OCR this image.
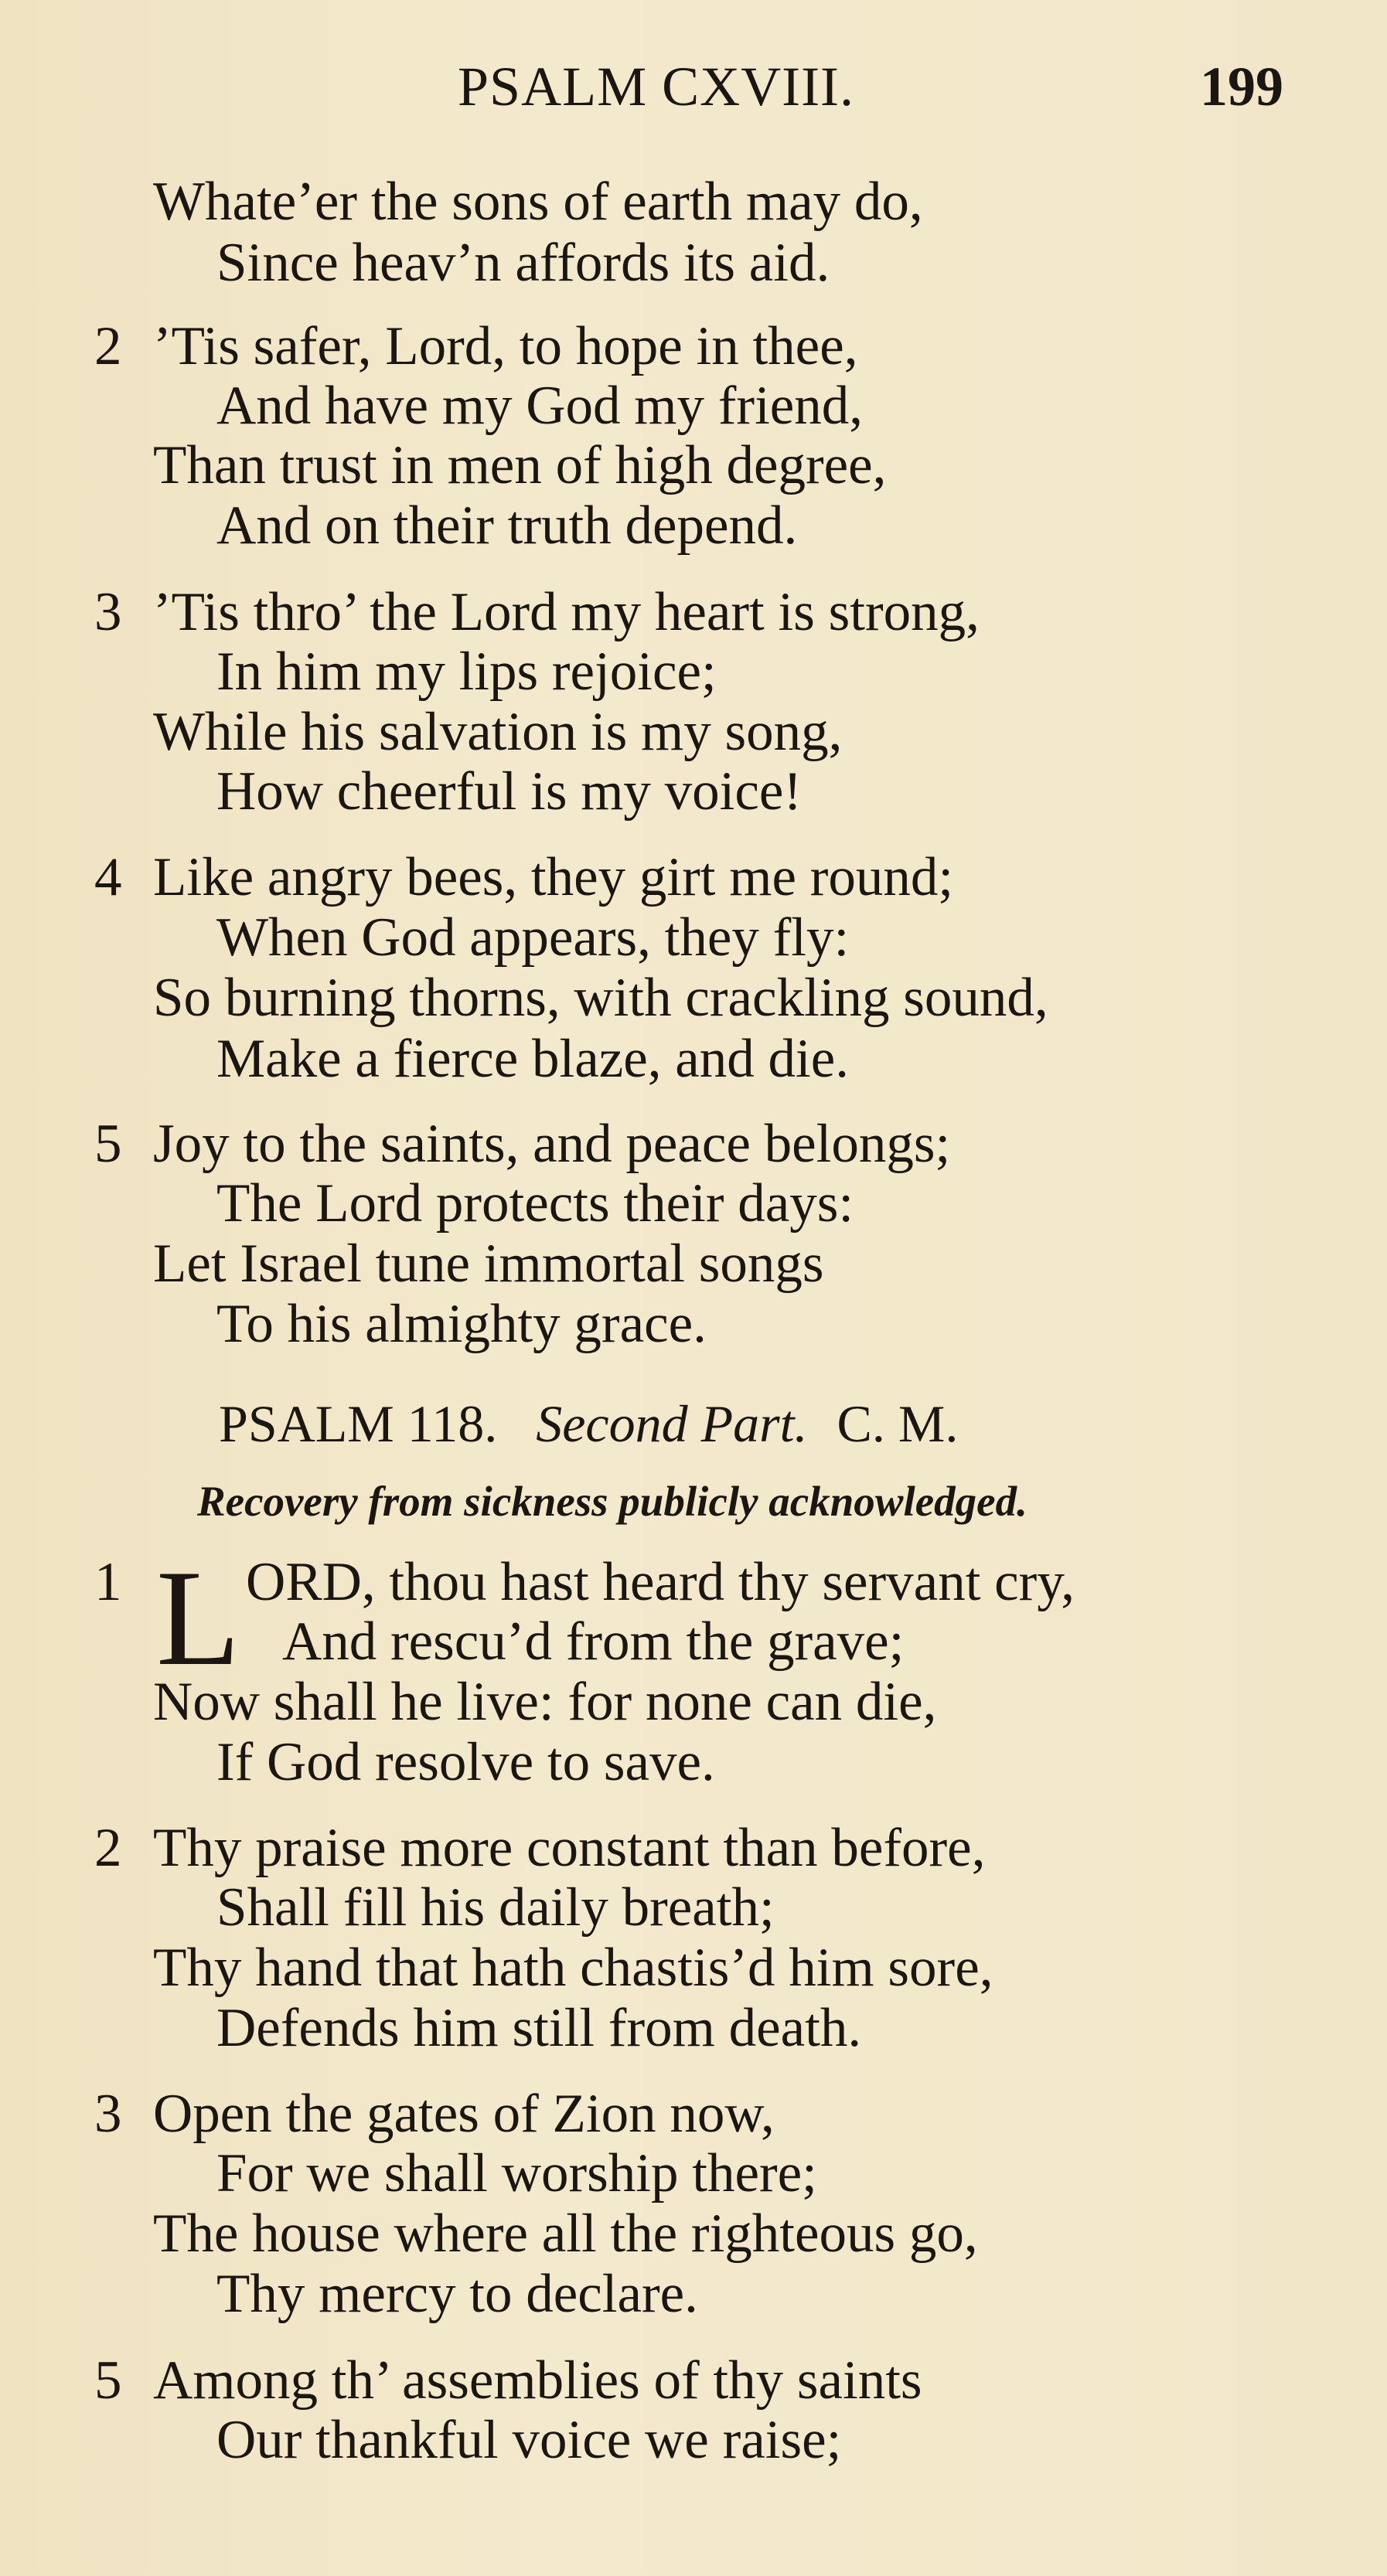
PSALM CXVIII.	199
Whate’er the sons of earth may do,
Since heav’n affords its aid.
2 ’Tis safer, Lord, to hope in thee,
And have my God my friend,
Than trust in men of high degree,
And on their truth depend.
3 ’Tis thro’ the Lord my heart is strong,
In him my lips rejoice;
While his salvation is my song,
How cheerful is my voice!
4 Like angry bees, they girt me round;
When God appears, they fly:
So burning thorns, with crackling sound,
Make a fierce blaze, and die.
5 Joy to the saints, and peace belongs;
The Lord protects their days:
Let Israel tune immortal songs
To his almighty grace.
PSALM 118. Second Part. C. M.
Recovery from sickness publicly acknowledged.
1 L ORD, thou hast heard thy servant cry,
And rescu’d from the grave;
Now shall he live: for none can die,
If God resolve to save.
2 Thy praise more constant than before,
Shall fill his daily breath;
Thy hand that hath chastis’d him sore,
Defends him still from death.
3 Open the gates of Zion now,
For we shall worship there;
The house where all the righteous go,
Thy mercy to declare.
5 Among th’ assemblies of thy saints
Our thankful voice we raise;
